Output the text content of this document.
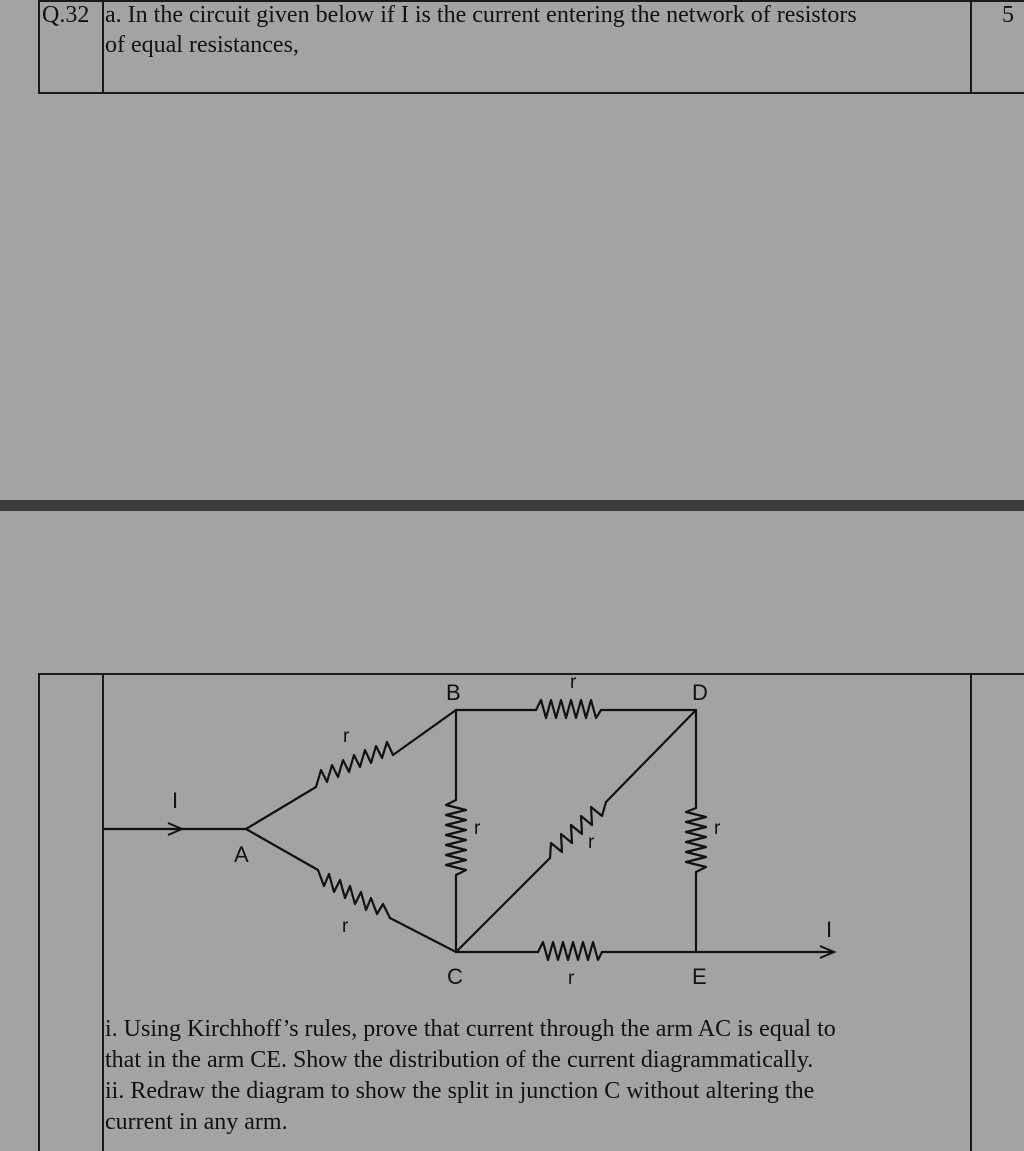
Q.32 a. In the circuit given below if I is the current entering the network of resistors
of equal resistances,
5
B	D
A
C	E
I
I
r
r
r
r
r
r
r
i. Using Kirchhoff’s rules, prove that current through the arm AC is equal to
that in the arm CE. Show the distribution of the current diagrammatically.
ii. Redraw the diagram to show the split in junction C without altering the
current in any arm.
